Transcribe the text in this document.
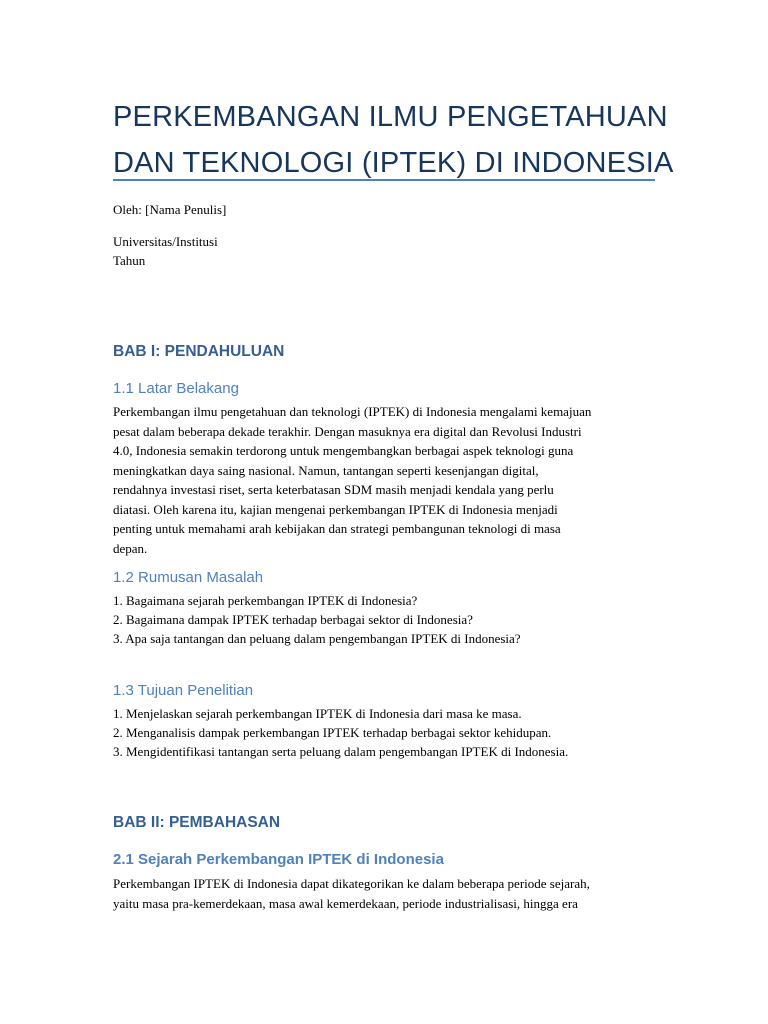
PERKEMBANGAN ILMU PENGETAHUAN
DAN TEKNOLOGI (IPTEK) DI INDONESIA
Oleh: [Nama Penulis]
Universitas/Institusi
Tahun
BAB I: PENDAHULUAN
1.1 Latar Belakang
Perkembangan ilmu pengetahuan dan teknologi (IPTEK) di Indonesia mengalami kemajuan
pesat dalam beberapa dekade terakhir. Dengan masuknya era digital dan Revolusi Industri
4.0, Indonesia semakin terdorong untuk mengembangkan berbagai aspek teknologi guna
meningkatkan daya saing nasional. Namun, tantangan seperti kesenjangan digital,
rendahnya investasi riset, serta keterbatasan SDM masih menjadi kendala yang perlu
diatasi. Oleh karena itu, kajian mengenai perkembangan IPTEK di Indonesia menjadi
penting untuk memahami arah kebijakan dan strategi pembangunan teknologi di masa
depan.
1.2 Rumusan Masalah
1. Bagaimana sejarah perkembangan IPTEK di Indonesia?
2. Bagaimana dampak IPTEK terhadap berbagai sektor di Indonesia?
3. Apa saja tantangan dan peluang dalam pengembangan IPTEK di Indonesia?
1.3 Tujuan Penelitian
1. Menjelaskan sejarah perkembangan IPTEK di Indonesia dari masa ke masa.
2. Menganalisis dampak perkembangan IPTEK terhadap berbagai sektor kehidupan.
3. Mengidentifikasi tantangan serta peluang dalam pengembangan IPTEK di Indonesia.
BAB II: PEMBAHASAN
2.1 Sejarah Perkembangan IPTEK di Indonesia
Perkembangan IPTEK di Indonesia dapat dikategorikan ke dalam beberapa periode sejarah,
yaitu masa pra-kemerdekaan, masa awal kemerdekaan, periode industrialisasi, hingga era
